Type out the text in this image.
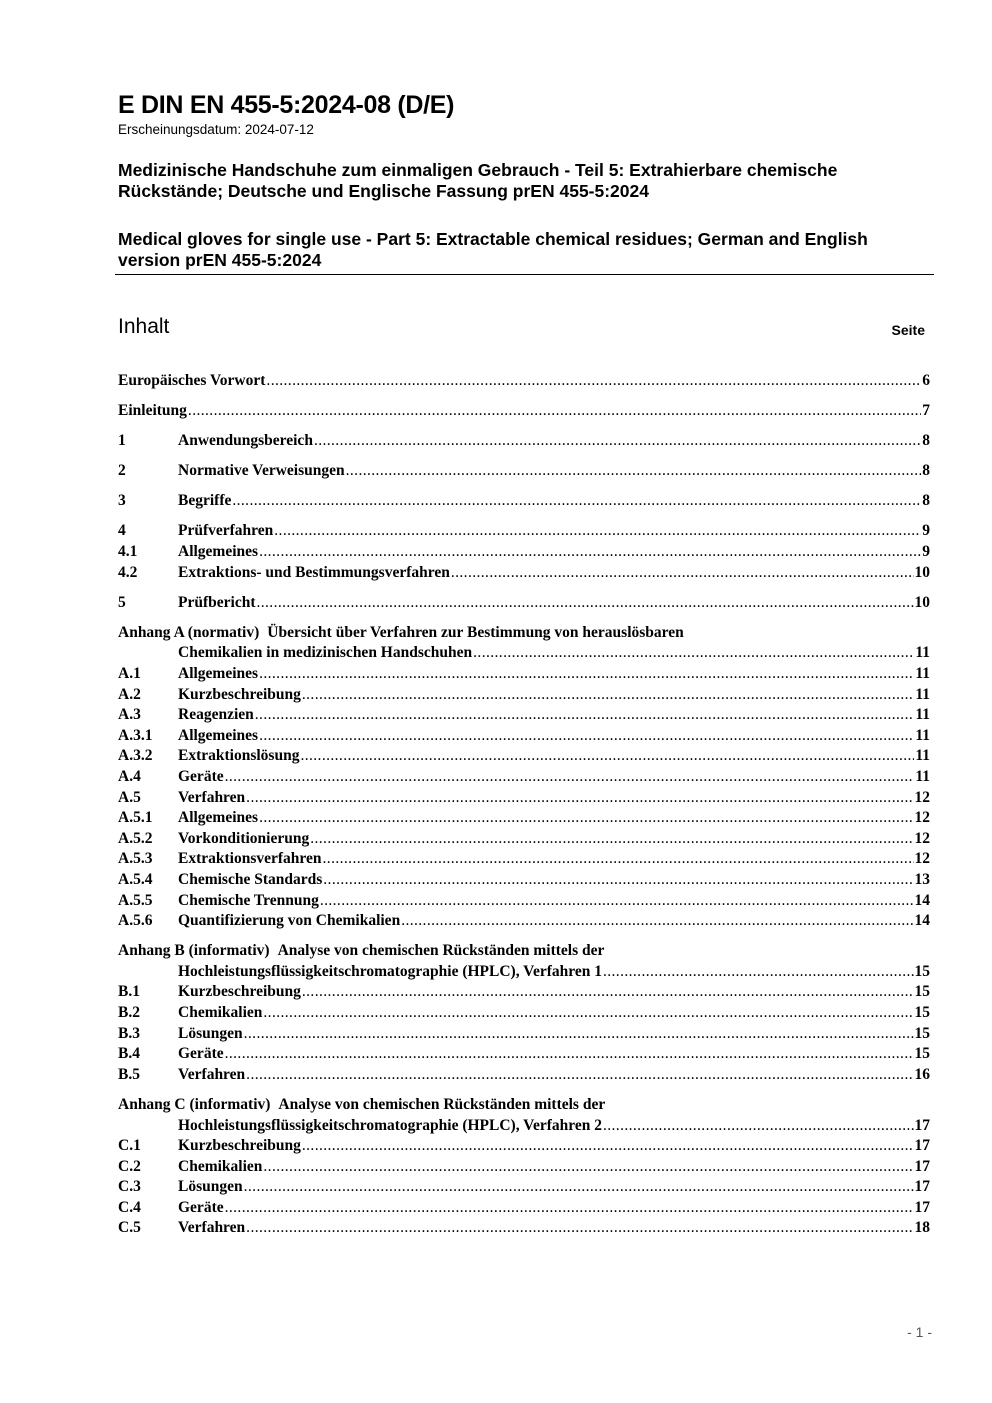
E DIN EN 455-5:2024-08 (D/E)
Erscheinungsdatum: 2024-07-12
Medizinische Handschuhe zum einmaligen Gebrauch - Teil 5: Extrahierbare chemische Rückstände; Deutsche und Englische Fassung prEN 455-5:2024
Medical gloves for single use - Part 5: Extractable chemical residues; German and English version prEN 455-5:2024
Inhalt	Seite
Europäisches Vorwort .....	6
Einleitung .....	7
1	Anwendungsbereich .....	8
2	Normative Verweisungen .....	8
3	Begriffe .....	8
4	Prüfverfahren .....	9
4.1	Allgemeines .....	9
4.2	Extraktions- und Bestimmungsverfahren .....	10
5	Prüfbericht .....	10
Anhang A (normativ) Übersicht über Verfahren zur Bestimmung von herauslösbaren
Chemikalien in medizinischen Handschuhen .....	11
A.1 Allgemeines .....	11
A.2 Kurzbeschreibung .....	11
A.3 Reagenzien .....	11
A.3.1 Allgemeines .....	11
A.3.2 Extraktionslösung .....	11
A.4 Geräte .....	11
A.5 Verfahren .....	12
A.5.1 Allgemeines .....	12
A.5.2 Vorkonditionierung .....	12
A.5.3 Extraktionsverfahren .....	12
A.5.4 Chemische Standards .....	13
A.5.5 Chemische Trennung .....	14
A.5.6 Quantifizierung von Chemikalien .....	14
Anhang B (informativ) Analyse von chemischen Rückständen mittels der
Hochleistungsflüssigkeitschromatographie (HPLC), Verfahren 1 .....	15
B.1 Kurzbeschreibung .....	15
B.2 Chemikalien .....	15
B.3 Lösungen .....	15
B.4 Geräte .....	15
B.5 Verfahren .....	16
Anhang C (informativ) Analyse von chemischen Rückständen mittels der
Hochleistungsflüssigkeitschromatographie (HPLC), Verfahren 2 .....	17
C.1 Kurzbeschreibung .....	17
C.2 Chemikalien .....	17
C.3 Lösungen .....	17
C.4 Geräte .....	17
C.5 Verfahren .....	18
- 1 -
